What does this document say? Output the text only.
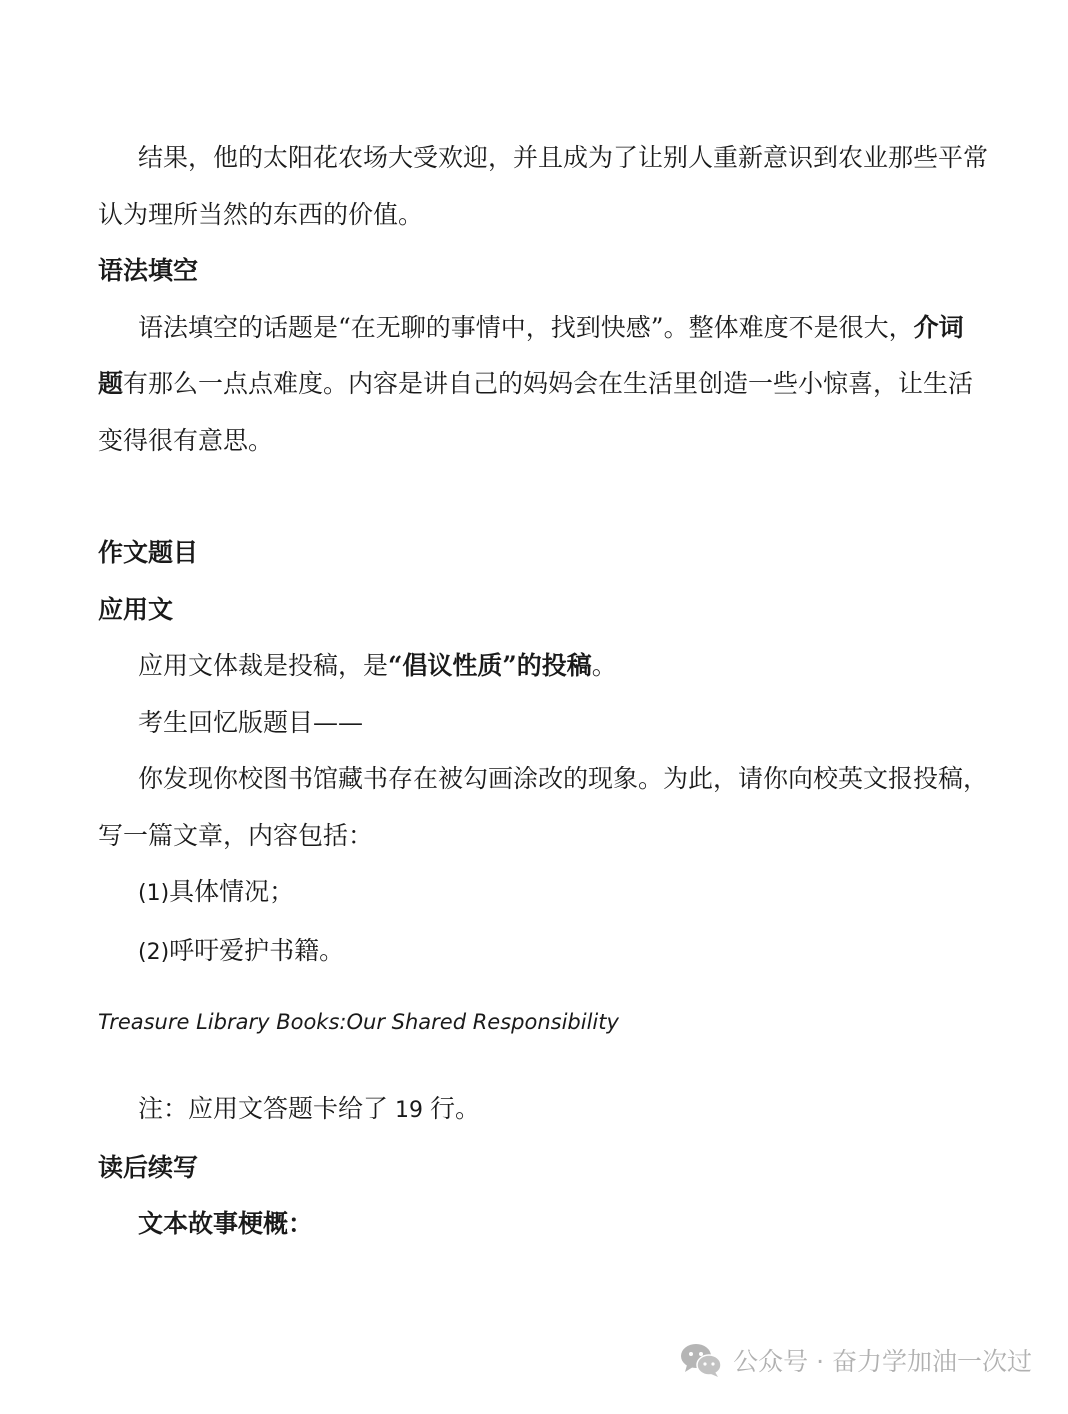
结果，他的太阳花农场大受欢迎，并且成为了让别人重新意识到农业那些平常认为理所当然的东西的价值。

语法填空

语法填空的话题是“在无聊的事情中，找到快感”。整体难度不是很大，介词题有那么一点点难度。内容是讲自己的妈妈会在生活里创造一些小惊喜，让生活变得很有意思。

作文题目

应用文

应用文体裁是投稿，是“倡议性质”的投稿。

考生回忆版题目——

你发现你校图书馆藏书存在被勾画涂改的现象。为此，请你向校英文报投稿，写一篇文章，内容包括：

(1)具体情况；

(2)呼吁爱护书籍。

Treasure Library Books:Our Shared Responsibility

注：应用文答题卡给了 19 行。

读后续写

文本故事梗概：

公众号 · 奋力学加油一次过
